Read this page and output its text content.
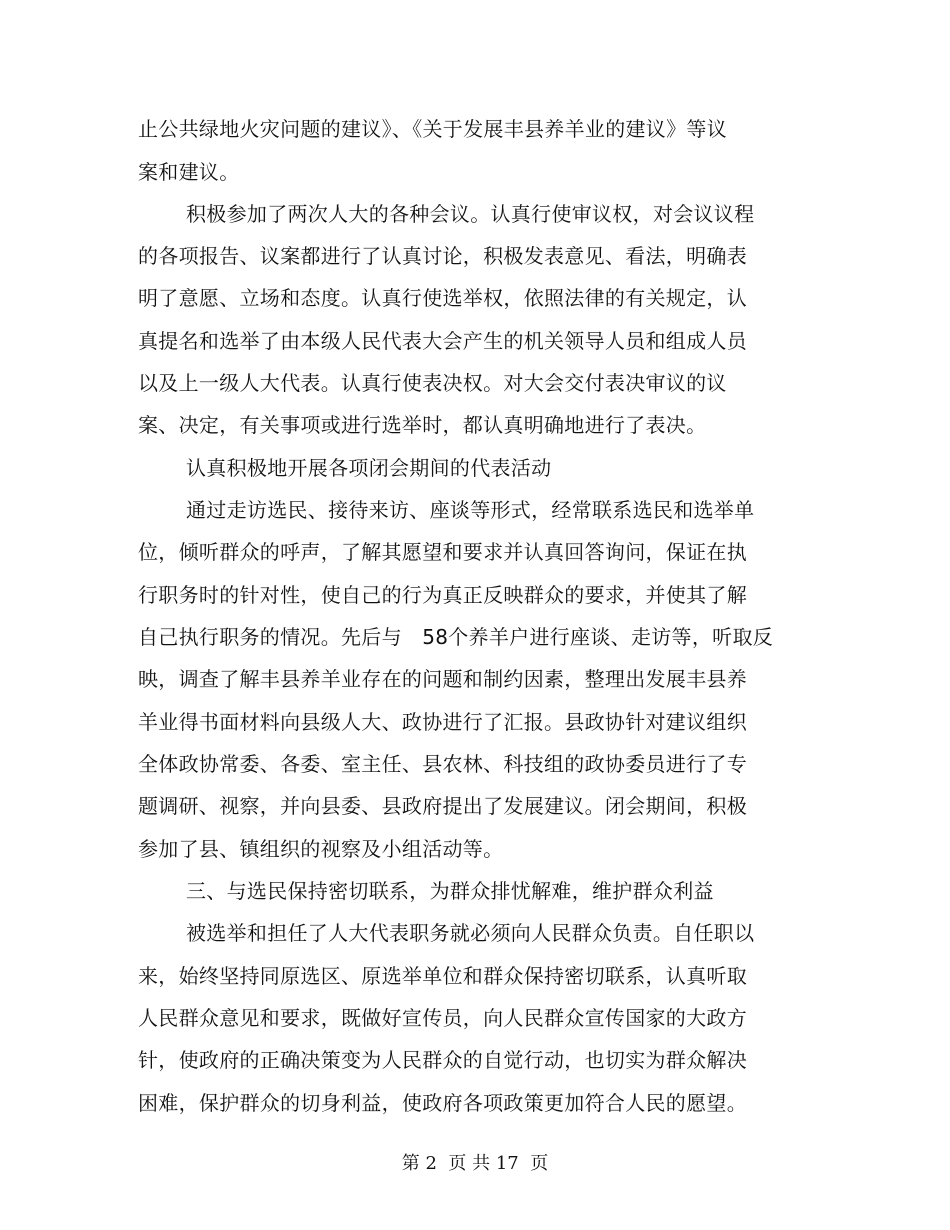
止公共绿地火灾问题的建议》、《关于发展丰县养羊业的建议》等议
案和建议。
积极参加了两次人大的各种会议。认真行使审议权，对会议议程
的各项报告、议案都进行了认真讨论，积极发表意见、看法，明确表
明了意愿、立场和态度。认真行使选举权，依照法律的有关规定，认
真提名和选举了由本级人民代表大会产生的机关领导人员和组成人员
以及上一级人大代表。认真行使表决权。对大会交付表决审议的议
案、决定，有关事项或进行选举时，都认真明确地进行了表决。
认真积极地开展各项闭会期间的代表活动
通过走访选民、接待来访、座谈等形式，经常联系选民和选举单
位，倾听群众的呼声，了解其愿望和要求并认真回答询问，保证在执
行职务时的针对性，使自己的行为真正反映群众的要求，并使其了解
自己执行职务的情况。先后与　58个养羊户进行座谈、走访等，听取反
映，调查了解丰县养羊业存在的问题和制约因素，整理出发展丰县养
羊业得书面材料向县级人大、政协进行了汇报。县政协针对建议组织
全体政协常委、各委、室主任、县农林、科技组的政协委员进行了专
题调研、视察，并向县委、县政府提出了发展建议。闭会期间，积极
参加了县、镇组织的视察及小组活动等。
三、与选民保持密切联系，为群众排忧解难，维护群众利益
被选举和担任了人大代表职务就必须向人民群众负责。自任职以
来，始终坚持同原选区、原选举单位和群众保持密切联系，认真听取
人民群众意见和要求，既做好宣传员，向人民群众宣传国家的大政方
针，使政府的正确决策变为人民群众的自觉行动，也切实为群众解决
困难，保护群众的切身利益，使政府各项政策更加符合人民的愿望。
第 2  页 共 17  页
